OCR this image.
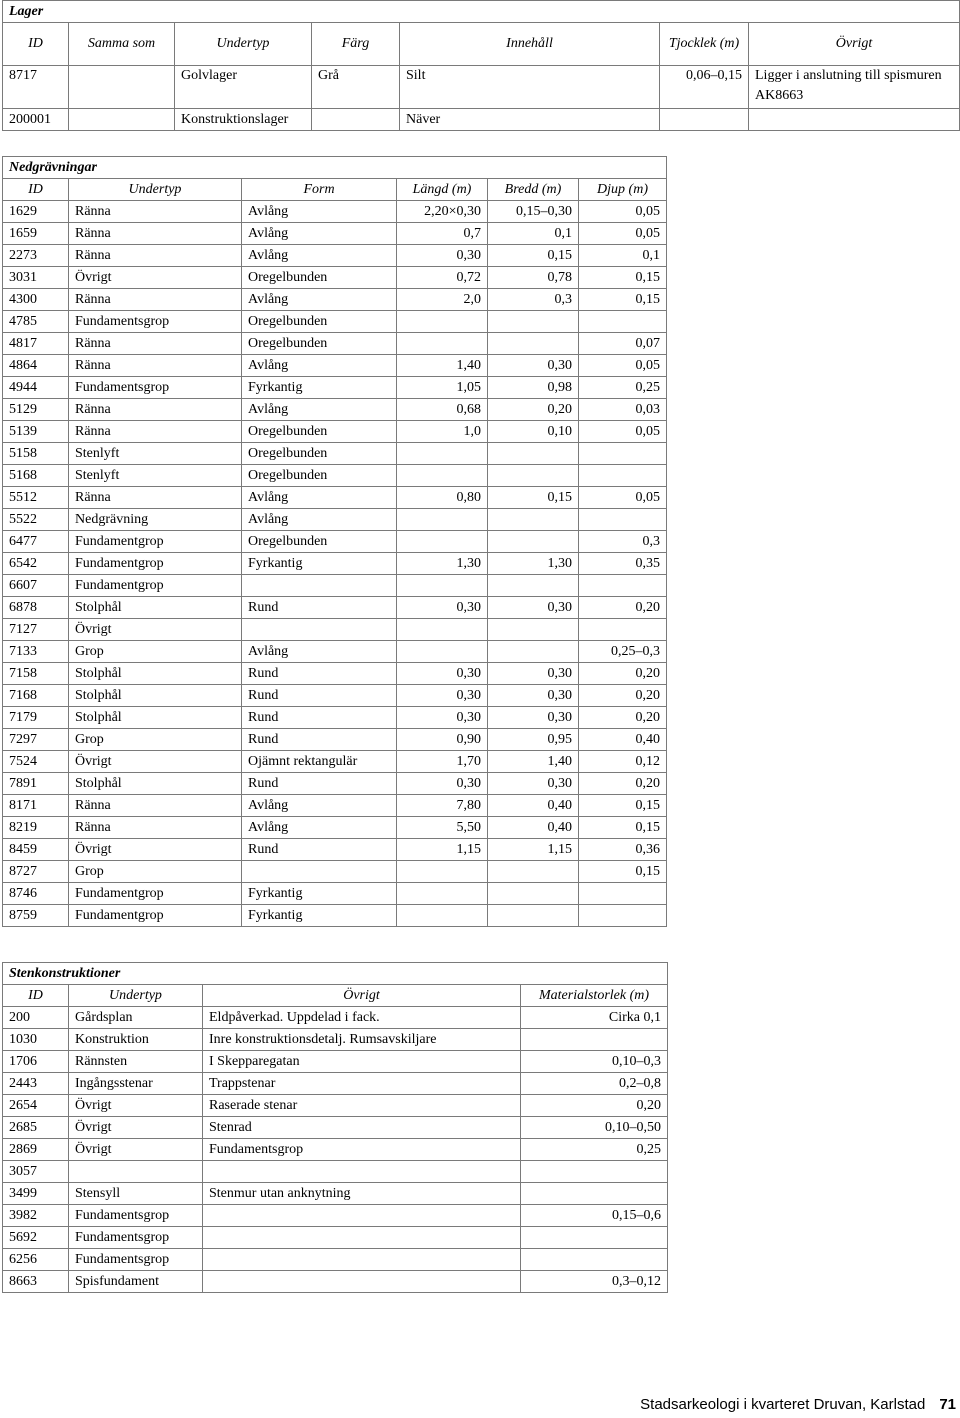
Lager						
ID	Samma som	Undertyp	Färg	Innehåll	Tjocklek (m)	Övrigt
8717		Golvlager	Grå	Silt	0,06–0,15	Ligger i anslutning till spismuren AK8663
200001		Konstruktionslager		Näver		
Nedgrävningar					
ID	Undertyp	Form	Längd (m)	Bredd (m)	Djup (m)
1629	Ränna	Avlång	2,20×0,30	0,15–0,30	0,05
1659	Ränna	Avlång	0,7	0,1	0,05
2273	Ränna	Avlång	0,30	0,15	0,1
3031	Övrigt	Oregelbunden	0,72	0,78	0,15
4300	Ränna	Avlång	2,0	0,3	0,15
4785	Fundamentsgrop	Oregelbunden			
4817	Ränna	Oregelbunden			0,07
4864	Ränna	Avlång	1,40	0,30	0,05
4944	Fundamentsgrop	Fyrkantig	1,05	0,98	0,25
5129	Ränna	Avlång	0,68	0,20	0,03
5139	Ränna	Oregelbunden	1,0	0,10	0,05
5158	Stenlyft	Oregelbunden			
5168	Stenlyft	Oregelbunden			
5512	Ränna	Avlång	0,80	0,15	0,05
5522	Nedgrävning	Avlång			
6477	Fundamentgrop	Oregelbunden			0,3
6542	Fundamentgrop	Fyrkantig	1,30	1,30	0,35
6607	Fundamentgrop				
6878	Stolphål	Rund	0,30	0,30	0,20
7127	Övrigt				
7133	Grop	Avlång			0,25–0,3
7158	Stolphål	Rund	0,30	0,30	0,20
7168	Stolphål	Rund	0,30	0,30	0,20
7179	Stolphål	Rund	0,30	0,30	0,20
7297	Grop	Rund	0,90	0,95	0,40
7524	Övrigt	Ojämnt rektangulär	1,70	1,40	0,12
7891	Stolphål	Rund	0,30	0,30	0,20
8171	Ränna	Avlång	7,80	0,40	0,15
8219	Ränna	Avlång	5,50	0,40	0,15
8459	Övrigt	Rund	1,15	1,15	0,36
8727	Grop				0,15
8746	Fundamentgrop	Fyrkantig			
8759	Fundamentgrop	Fyrkantig			
Stenkonstruktioner			
ID	Undertyp	Övrigt	Materialstorlek (m)
200	Gårdsplan	Eldpåverkad. Uppdelad i fack.	Cirka 0,1
1030	Konstruktion	Inre konstruktionsdetalj. Rumsavskiljare	
1706	Rännsten	I Skepparegatan	0,10–0,3
2443	Ingångsstenar	Trappstenar	0,2–0,8
2654	Övrigt	Raserade stenar	0,20
2685	Övrigt	Stenrad	0,10–0,50
2869	Övrigt	Fundamentsgrop	0,25
3057			
3499	Stensyll	Stenmur utan anknytning	
3982	Fundamentsgrop		0,15–0,6
5692	Fundamentsgrop		
6256	Fundamentsgrop		
8663	Spisfundament		0,3–0,12
Stadsarkeologi i kvarteret Druvan, Karlstad 71
